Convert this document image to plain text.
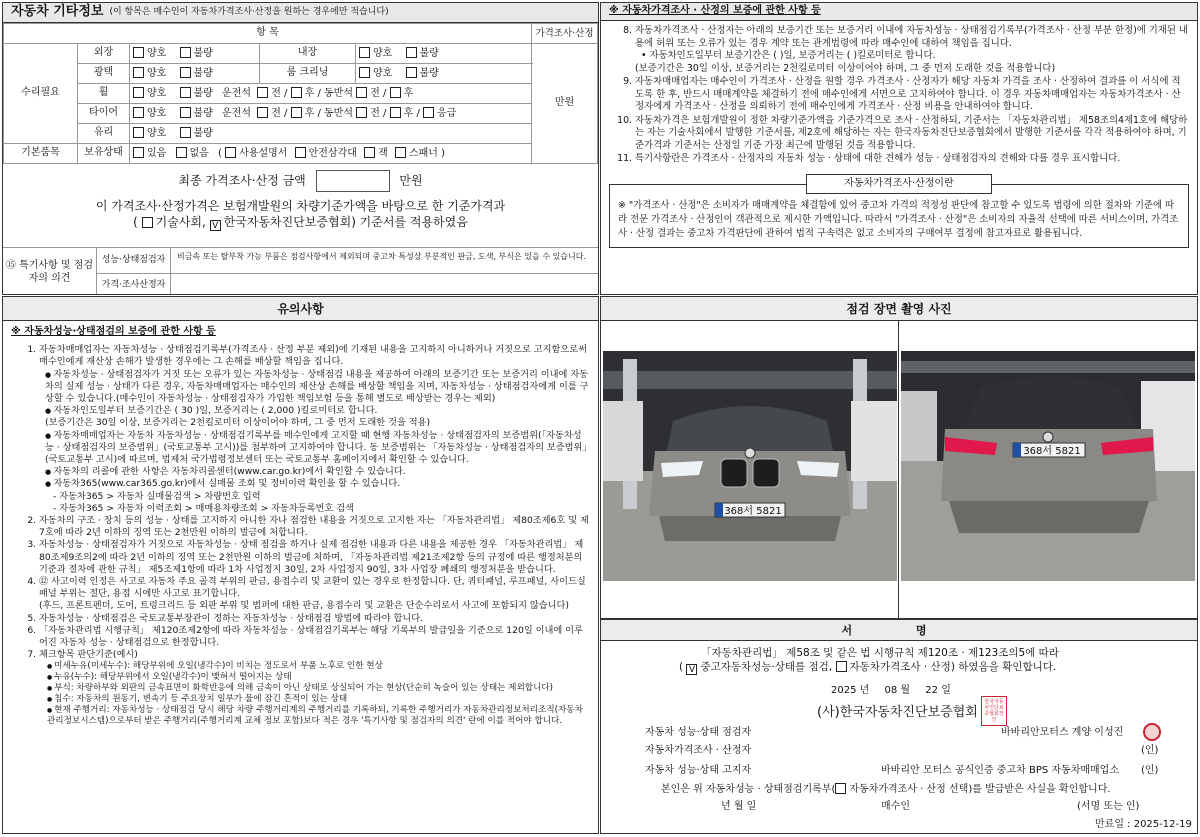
자동차 기타정보 (이 항목은 매수인이 자동차가격조사·산정을 원하는 경우에만 적습니다)
항 목					가격조사·산정
수리필요	외장	양호 불량	내장	양호 불량	만원
	광택	양호 불량	룸 크리닝	양호 불량	
	휠	양호 불량 운전석 전 / 후 / 동반석 전 / 후			
	타이어	양호 불량 운전석 전 / 후 / 동반석 전 / 후 / 응급			
	유리	양호 불량			
기본품목	보유상태	있음 없음 ( 사용설명서 안전삼각대 잭 스패너 )			
최종 가격조사·산정 금액	만원
이 가격조사·산정가격은 보험개발원의 차량기준가액을 바탕으로 한 기준가격과
( 기술사회, V한국자동차진단보증협회) 기준서를 적용하였음
⑮ 특기사항 및 점검자의 의견
성능·상태점검자	비금속 또는 탈부착 가능 부품은 점검사항에서 제외되며 중고차 특성상 부분적인 판금, 도색, 부식은 있을 수 있습니다.
가격·조사산정자
※ 자동차가격조사 · 산정의 보증에 관한 사항 등
8. 자동차가격조사 · 산정자는 아래의 보증기간 또는 보증거리 이내에 자동차성능 · 상태점검기록부(가격조사 · 산정 부분 한정)에 기재된 내용에 허위 또는 오류가 있는 경우 계약 또는 관계법령에 따라 매수인에 대하여 책임을 집니다.
• 자동차인도일부터 보증기간은 ( )일, 보증거리는 ( )킬로미터로 합니다.
(보증기간은 30일 이상, 보증거리는 2천킬로미터 이상이어야 하며, 그 중 먼저 도래한 것을 적용합니다)
9. 자동차매매업자는 매수인이 가격조사 · 산정을 원할 경우 가격조사 · 산정자가 해당 자동차 가격을 조사 · 산정하여 결과를 이 서식에 적도록 한 후, 반드시 매매계약을 체결하기 전에 매수인에게 서면으로 고지하여야 합니다. 이 경우 자동차매매업자는 자동차가격조사 · 산정자에게 가격조사 · 산정을 의뢰하기 전에 매수인에게 가격조사 · 산정 비용을 안내하여야 합니다.
10. 자동차가격은 보험개발원이 정한 차량기준가액을 기준가격으로 조사 · 산정하되, 기준서는 「자동차관리법」 제58조의4제1호에 해당하는 자는 기술사회에서 발행한 기준서를, 제2호에 해당하는 자는 한국자동차진단보증협회에서 발행한 기준서를 각각 적용하여야 하며, 기준가격과 기준서는 산정일 기준 가장 최근에 발행된 것을 적용합니다.
11. 특기사항란은 가격조사 · 산정자의 자동차 성능 · 상태에 대한 견해가 성능 · 상태점검자의 견해와 다를 경우 표시합니다.
자동차가격조사·산정이란
※ "가격조사 · 산정"은 소비자가 매매계약을 체결함에 있어 중고차 가격의 적정성 판단에 참고할 수 있도록 법령에 의한 절차와 기준에 따라 전문 가격조사 · 산정인이 객관적으로 제시한 가액입니다. 따라서 "가격조사 · 산정"은 소비자의 자율적 선택에 따른 서비스이며, 가격조사 · 산정 결과는 중고차 가격판단에 관하여 법적 구속력은 없고 소비자의 구매여부 결정에 참고자료로 활용됩니다.
유의사항
※ 자동차성능·상태점검의 보증에 관한 사항 등
1. 자동차매매업자는 자동차성능 · 상태점검기록부(가격조사 · 산정 부분 제외)에 기재된 내용을 고지하지 아니하거나 거짓으로 고지함으로써 매수인에게 재산상 손해가 발생한 경우에는 그 손해를 배상할 책임을 집니다.
● 자동차성능 · 상태점검자가 거짓 또는 오류가 있는 자동차성능 · 상태점검 내용을 제공하여 아래의 보증기간 또는 보증거리 이내에 자동차의 실제 성능 · 상태가 다른 경우, 자동차매매업자는 매수인의 재산상 손해를 배상할 책임을 지며, 자동차성능 · 상태점검자에게 이를 구상할 수 있습니다.(매수인이 자동차성능 · 상태점검자가 가입한 책임보험 등을 통해 별도로 배상받는 경우는 제외)
● 자동차인도일부터 보증기간은 ( 30 )일, 보증거리는 ( 2,000 )킬로미터로 합니다.
(보증기간은 30일 이상, 보증거리는 2천킬로미터 이상이어야 하며, 그 중 먼저 도래한 것을 적용)
● 자동차매매업자는 자동차 자동차성능 · 상태점검기록부를 매수인에게 고지할 때 현행 자동차성능 · 상태점검자의 보증범위(「자동차성능 · 상태점검자의 보증범위」(국토교통부 고시))를 첨부하여 고지하여야 합니다. 동 보증범위는 「자동차성능 · 상태점검자의 보증범위」(국토교통부 고시)에 따르며, 법제처 국가법령정보센터 또는 국토교통부 홈페이지에서 확인할 수 있습니다.
● 자동차의 리콜에 관한 사항은 자동차리콜센터(www.car.go.kr)에서 확인할 수 있습니다.
● 자동차365(www.car365.go.kr)에서 실매물 조회 및 정비이력 확인을 할 수 있습니다.
- 자동차365 > 자동차 실매물검색 > 차량번호 입력
- 자동차365 > 자동차 이력조회 > 매매용차량조회 > 자동차등록번호 검색
2. 자동차의 구조 · 장치 등의 성능 · 상태를 고지하지 아니한 자나 점검한 내용을 거짓으로 고지한 자는 「자동차관리법」 제80조제6호 및 제7호에 따라 2년 이하의 징역 또는 2천만원 이하의 벌금에 처합니다.
3. 자동차성능 · 상태점검자가 거짓으로 자동차성능 · 상태 점검을 하거나 실제 점검한 내용과 다른 내용을 제공한 경우 「자동차관리법」 제80조제9조의2에 따라 2년 이하의 징역 또는 2천만원 이하의 벌금에 처하며, 「자동차관리법 제21조제2항 등의 규정에 따른 행정처분의 기준과 절차에 관한 규칙」 제5조제1항에 따라 1차 사업정지 30일, 2차 사업정지 90일, 3차 사업장 폐쇄의 행정처분을 받습니다.
4. ⑫ 사고이력 인정은 사고로 자동차 주요 골격 부위의 판금, 용접수리 및 교환이 있는 경우로 한정합니다. 단, 쿼터패널, 루프패널, 사이드실패널 부위는 절단, 용접 시에만 사고로 표기합니다.
(후드, 프론트펜더, 도어, 트렁크리드 등 외판 부위 및 범퍼에 대한 판금, 용접수리 및 교환은 단순수리로서 사고에 포함되지 않습니다)
5. 자동차성능 · 상태점검은 국토교통부장관이 정하는 자동차성능 · 상태점검 방법에 따라야 합니다.
6. 「자동차관리법 시행규칙」 제120조제2항에 따라 자동차성능 · 상태점검기록부는 해당 기록부의 발급일을 기준으로 120일 이내에 이루어진 자동차 성능 · 상태점검으로 한정합니다.
7. 체크항목 판단기준(예시)
● 미세누유(미세누수): 해당부위에 오일(냉각수)이 비치는 정도로서 부품 노후로 인한 현상
● 누유(누수): 해당부위에서 오일(냉각수)이 맺혀서 떨어지는 상태
● 부식: 차량하부와 외판의 금속표면이 화학반응에 의해 금속이 아닌 상태로 상실되어 가는 현상(단순히 녹슬어 있는 상태는 제외합니다)
● 침수: 자동차의 원동기, 변속기 등 주요장치 일부가 물에 잠긴 흔적이 있는 상태
● 현재 주행거리: 자동차성능 · 상태점검 당시 해당 차량 주행거리계의 주행거리를 기록하되, 기록한 주행거리가 자동차관리정보처리조직(자동차관리정보시스템)으로부터 받은 주행거리(주행거리계 교체 정보 포함)보다 적은 경우 '특기사항 및 점검자의 의견' 란에 이를 적어야 합니다.
점검 장면 촬영 사진
368서 5821
368서 5821
서 명
「자동차관리법」 제58조 및 같은 법 시행규칙 제120조 · 제123조의5에 따라
( V중고자동차성능·상태를 점검, 자동차가격조사 · 산정) 하였음을 확인합니다.
2025 년 08 월 22 일
(사)한국자동차진단보증협회
한국자동차진단보증협회장인
자동차 성능·상태 점검자	바바리안모터스 계양 이성진
자동차가격조사 · 산정자	(인)
자동차 성능·상태 고지자	바바리안 모터스 공식인증 중고차 BPS 자동차매매업소 (인)
본인은 위 자동차성능 · 상태점검기록부( 자동차가격조사 · 산정 선택)를 발급받은 사실을 확인합니다.
년 월 일	매수인	(서명 또는 인)
만료일 : 2025-12-19
